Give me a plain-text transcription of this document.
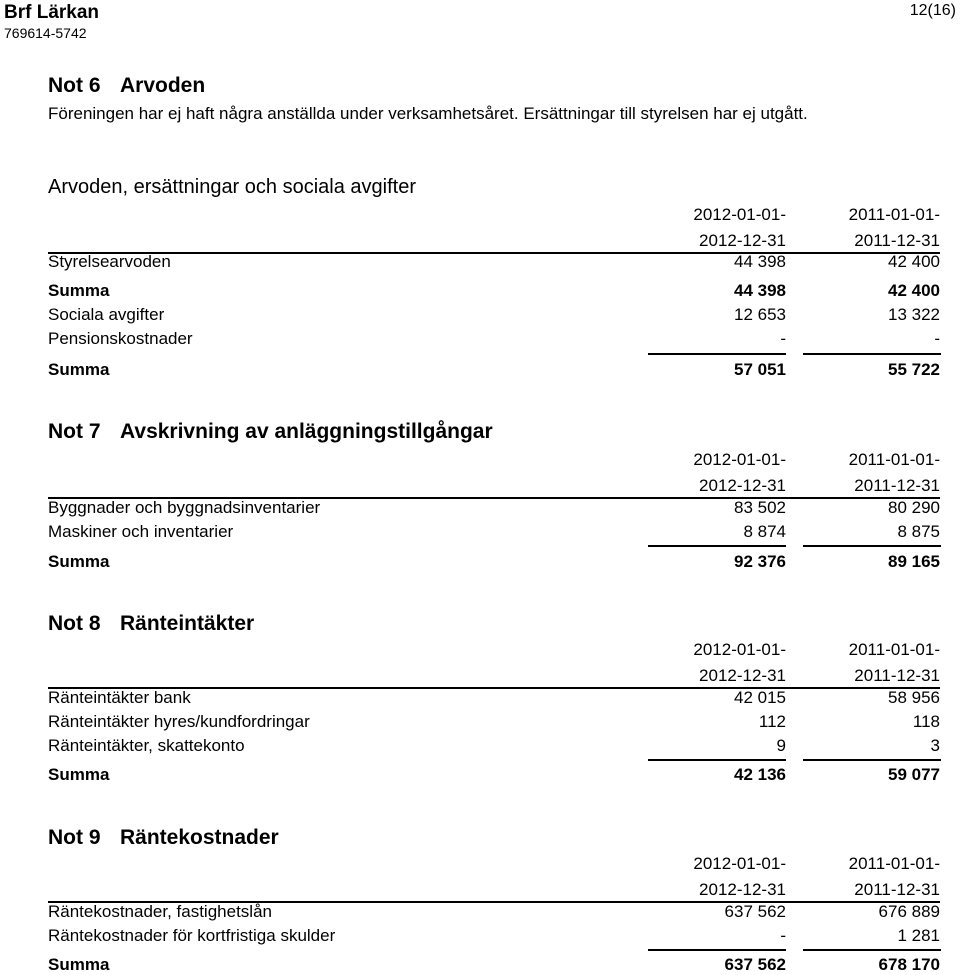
Brf Lärkan
769614-5742
12(16)
Not 6 Arvoden
Föreningen har ej haft några anställda under verksamhetsåret. Ersättningar till styrelsen har ej utgått.
Arvoden, ersättningar och sociala avgifter
2012-01-01-
2012-12-31
2011-01-01-
2011-12-31
Styrelsearvoden	44 398	42 400
Summa	44 398	42 400
Sociala avgifter	12 653	13 322
Pensionskostnader	-	-
Summa	57 051	55 722
Not 7 Avskrivning av anläggningstillgångar
2012-01-01-
2012-12-31
2011-01-01-
2011-12-31
Byggnader och byggnadsinventarier	83 502	80 290
Maskiner och inventarier	8 874	8 875
Summa	92 376	89 165
Not 8 Ränteintäkter
2012-01-01-
2012-12-31
2011-01-01-
2011-12-31
Ränteintäkter bank	42 015	58 956
Ränteintäkter hyres/kundfordringar	112	118
Ränteintäkter, skattekonto	9	3
Summa	42 136	59 077
Not 9 Räntekostnader
2012-01-01-
2012-12-31
2011-01-01-
2011-12-31
Räntekostnader, fastighetslån	637 562	676 889
Räntekostnader för kortfristiga skulder	-	1 281
Summa	637 562	678 170
